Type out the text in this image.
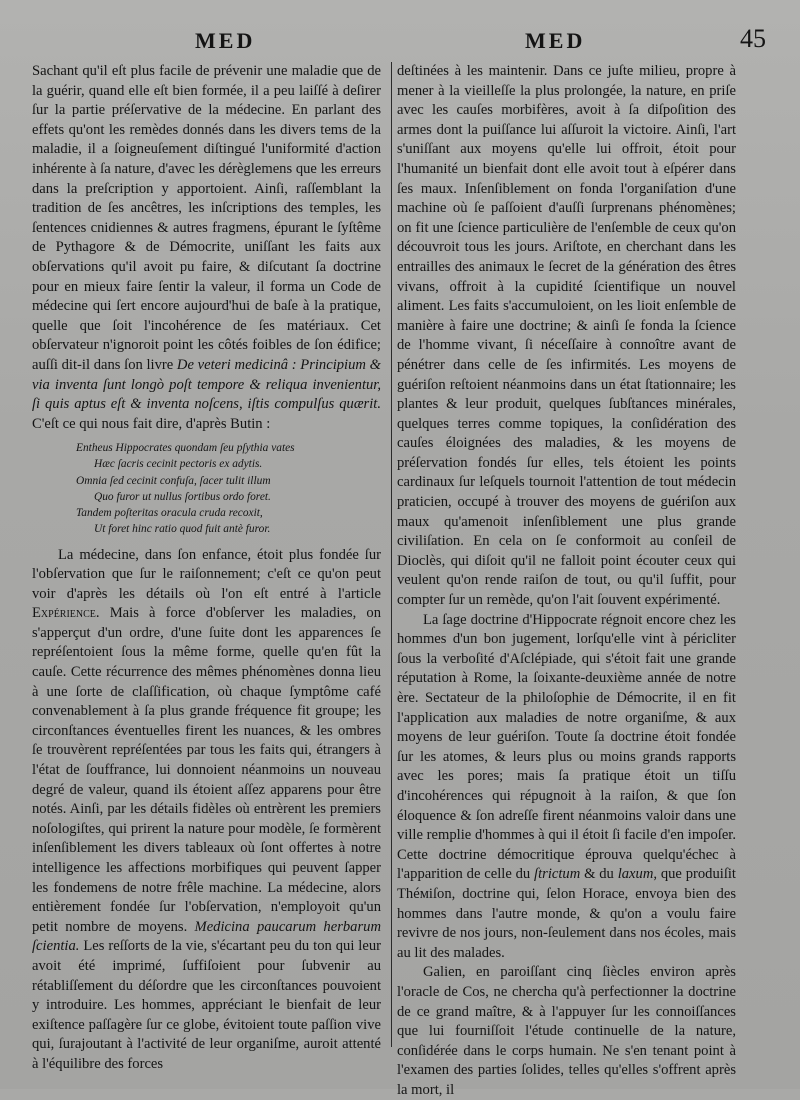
MED	MED	45

Sachant qu'il eſt plus facile de prévenir une maladie que de la guérir, quand elle eſt bien formée, il a peu laiſſé à deſirer ſur la partie préſervative de la médecine. En parlant des effets qu'ont les remèdes donnés dans les divers tems de la maladie, il a ſoigneuſement diſtingué l'uniformité d'action inhérente à ſa nature, d'avec les dérèglemens que les erreurs dans la preſcription y apportoient. Ainſi, raſſemblant la tradition de ſes ancêtres, les inſcriptions des temples, les ſentences cnidiennes & autres fragmens, épurant le ſyſtême de Pythagore & de Démocrite, uniſſant les faits aux obſervations qu'il avoit pu faire, & diſcutant ſa doctrine pour en mieux faire ſentir la valeur, il forma un Code de médecine qui ſert encore aujourd'hui de baſe à la pratique, quelle que ſoit l'incohérence de ſes matériaux. Cet obſervateur n'ignoroit point les côtés foibles de ſon édifice; auſſi dit-il dans ſon livre De veteri medicinâ : Principium & via inventa ſunt longò poſt tempore & reliqua invenientur, ſi quis aptus eſt & inventa noſcens, iſtis compulſus quærit. C'eſt ce qui nous fait dire, d'après Butin :

Entheus Hippocrates quondam ſeu pſythia vates
Hæc ſacris cecinit pectoris ex adytis.
Omnia ſed cecinit confuſa, ſacer tulit illum
Quo furor ut nullus ſortibus ordo foret.
Tandem poſteritas oracula cruda recoxit,
Ut foret hinc ratio quod fuit antè furor.

La médecine, dans ſon enfance, étoit plus fondée ſur l'obſervation que ſur le raiſonnement; c'eſt ce qu'on peut voir d'après les détails où l'on eſt entré à l'article Expérience. Mais à force d'obſerver les maladies, on s'apperçut d'un ordre, d'une ſuite dont les apparences ſe repréſentoient ſous la même forme, quelle qu'en fût la cauſe. Cette récurrence des mêmes phénomènes donna lieu à une ſorte de claſſification, où chaque ſymptôme café convenablement à ſa plus grande fréquence fit groupe; les circonſtances éventuelles firent les nuances, & les ombres ſe trouvèrent repréſentées par tous les faits qui, étrangers à l'état de ſouffrance, lui donnoient néanmoins un nouveau degré de valeur, quand ils étoient aſſez apparens pour être notés. Ainſi, par les détails fidèles où entrèrent les premiers noſologiſtes, qui prirent la nature pour modèle, ſe formèrent inſenſiblement les divers tableaux où ſont offertes à notre intelligence les affections morbifiques qui peuvent ſapper les fondemens de notre frêle machine. La médecine, alors entièrement fondée ſur l'obſervation, n'employoit qu'un petit nombre de moyens. Medicina paucarum herbarum ſcientia. Les reſſorts de la vie, s'écartant peu du ton qui leur avoit été imprimé, ſuffiſoient pour ſubvenir au rétabliſſement du déſordre que les circonſtances pouvoient y introduire. Les hommes, appréciant le bienfait de leur exiſtence paſſagère ſur ce globe, évitoient toute paſſion vive qui, ſurajoutant à l'activité de leur organiſme, auroit attenté à l'équilibre des forces

deſtinées à les maintenir. Dans ce juſte milieu, propre à mener à la vieilleſſe la plus prolongée, la nature, en priſe avec les cauſes morbifères, avoit à ſa diſpoſition des armes dont la puiſſance lui aſſuroit la victoire. Ainſi, l'art s'uniſſant aux moyens qu'elle lui offroit, étoit pour l'humanité un bienfait dont elle avoit tout à eſpérer dans ſes maux. Inſenſiblement on fonda l'organiſation d'une machine où ſe paſſoient d'auſſi ſurprenans phénomènes; on fit une ſcience particulière de l'enſemble de ceux qu'on découvroit tous les jours. Ariſtote, en cherchant dans les entrailles des animaux le ſecret de la génération des êtres vivans, offroit à la cupidité ſcientifique un nouvel aliment. Les faits s'accumuloient, on les lioit enſemble de manière à faire une doctrine; & ainſi ſe fonda la ſcience de l'homme vivant, ſi néceſſaire à connoître avant de pénétrer dans celle de ſes infirmités. Les moyens de guériſon reſtoient néanmoins dans un état ſtationnaire; les plantes & leur produit, quelques ſubſtances minérales, quelques terres comme topiques, la conſidération des cauſes éloignées des maladies, & les moyens de préſervation fondés ſur elles, tels étoient les points cardinaux ſur leſquels tournoit l'attention de tout médecin praticien, occupé à trouver des moyens de guériſon aux maux qu'amenoit inſenſiblement une plus grande civiliſation. En cela on ſe conformoit au conſeil de Dioclès, qui diſoit qu'il ne falloit point écouter ceux qui veulent qu'on rende raiſon de tout, ou qu'il ſuffit, pour compter ſur un remède, qu'on l'ait ſouvent expérimenté.

La ſage doctrine d'Hippocrate régnoit encore chez les hommes d'un bon jugement, lorſqu'elle vint à péricliter ſous la verboſité d'Aſclépiade, qui s'étoit fait une grande réputation à Rome, la ſoixante-deuxième année de notre ère. Sectateur de la philoſophie de Démocrite, il en fit l'application aux maladies de notre organiſme, & aux moyens de leur guériſon. Toute ſa doctrine étoit fondée ſur les atomes, & leurs plus ou moins grands rapports avec les pores; mais ſa pratique étoit un tiſſu d'incohérences qui répugnoit à la raiſon, & que ſon éloquence & ſon adreſſe firent néanmoins valoir dans une ville remplie d'hommes à qui il étoit ſi facile d'en impoſer. Cette doctrine démocritique éprouva quelqu'échec à l'apparition de celle du ſtrictum & du laxum, que produiſit Théміſon, doctrine qui, ſelon Horace, envoya bien des hommes dans l'autre monde, & qu'on a voulu faire revivre de nos jours, non-ſeulement dans nos écoles, mais au lit des malades.

Galien, en paroiſſant cinq ſiècles environ après l'oracle de Cos, ne chercha qu'à perfectionner la doctrine de ce grand maître, & à l'appuyer ſur les connoiſſances que lui fourniſſoit l'étude continuelle de la nature, conſidérée dans le corps humain. Ne s'en tenant point à l'examen des parties ſolides, telles qu'elles s'offrent après la mort, il
